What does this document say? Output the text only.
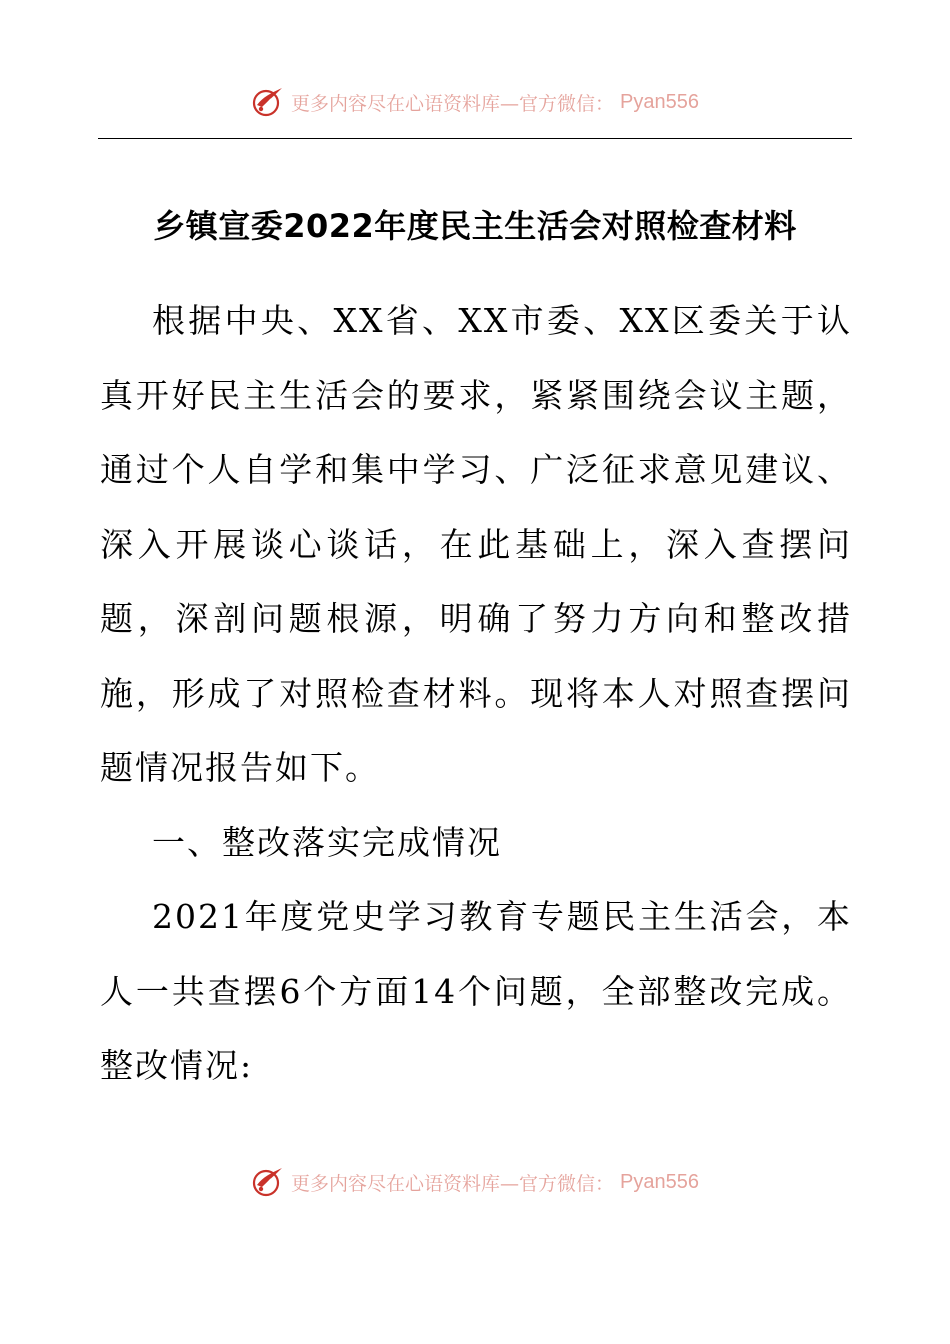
更多内容尽在心语资料库—官方微信： Pyan556
乡镇宣委2022年度民主生活会对照检查材料

根据中央、XX省、XX市委、XX区委关于认真开好民主生活会的要求，紧紧围绕会议主题，通过个人自学和集中学习、广泛征求意见建议、深入开展谈心谈话，在此基础上，深入查摆问题，深剖问题根源，明确了努力方向和整改措施，形成了对照检查材料。现将本人对照查摆问题情况报告如下。

一、整改落实完成情况

2021年度党史学习教育专题民主生活会，本人一共查摆6个方面14个问题，全部整改完成。整改情况:

更多内容尽在心语资料库—官方微信： Pyan556
